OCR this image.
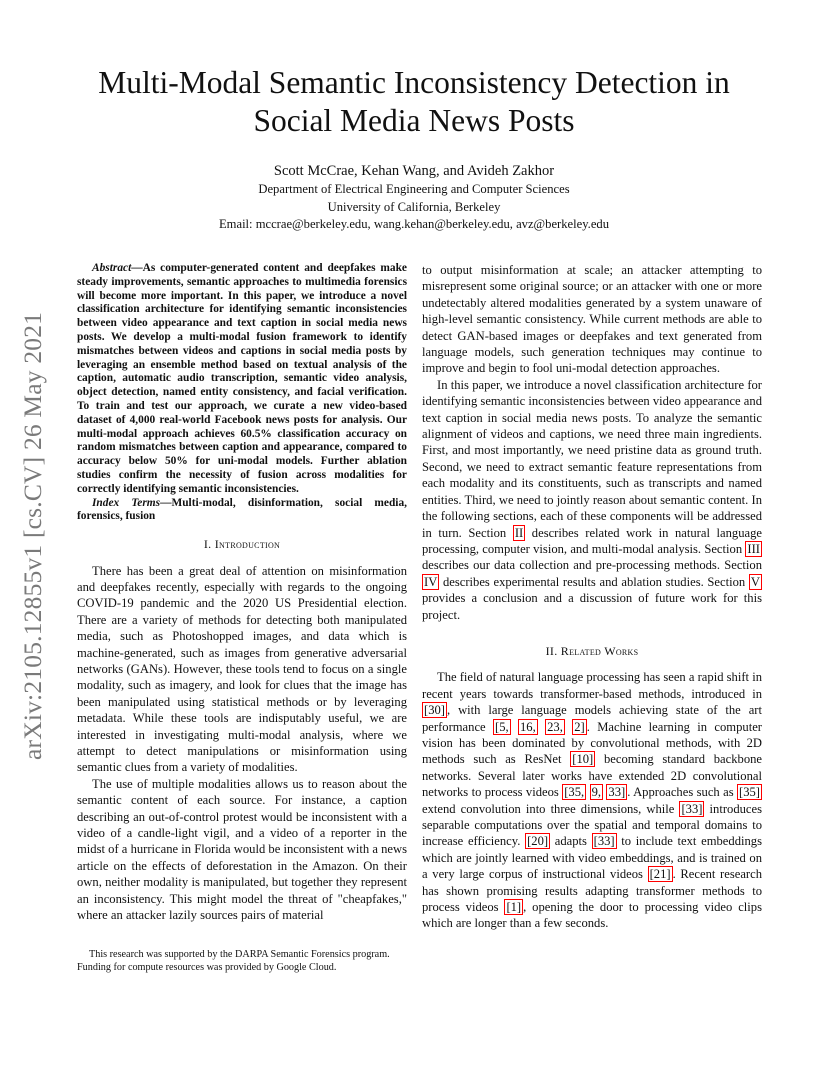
arXiv:2105.12855v1 [cs.CV] 26 May 2021
Multi-Modal Semantic Inconsistency Detection in Social Media News Posts
Scott McCrae, Kehan Wang, and Avideh Zakhor
Department of Electrical Engineering and Computer Sciences
University of California, Berkeley
Email: mccrae@berkeley.edu, wang.kehan@berkeley.edu, avz@berkeley.edu

Abstract—As computer-generated content and deepfakes make steady improvements, semantic approaches to multimedia forensics will become more important. In this paper, we introduce a novel classification architecture for identifying semantic inconsistencies between video appearance and text caption in social media news posts. We develop a multi-modal fusion framework to identify mismatches between videos and captions in social media posts by leveraging an ensemble method based on textual analysis of the caption, automatic audio transcription, semantic video analysis, object detection, named entity consistency, and facial verification. To train and test our approach, we curate a new video-based dataset of 4,000 real-world Facebook news posts for analysis. Our multi-modal approach achieves 60.5% classification accuracy on random mismatches between caption and appearance, compared to accuracy below 50% for uni-modal models. Further ablation studies confirm the necessity of fusion across modalities for correctly identifying semantic inconsistencies.

Index Terms—Multi-modal, disinformation, social media, forensics, fusion

I. Introduction

There has been a great deal of attention on misinformation and deepfakes recently, especially with regards to the ongoing COVID-19 pandemic and the 2020 US Presidential election. There are a variety of methods for detecting both manipulated media, such as Photoshopped images, and data which is machine-generated, such as images from generative adversarial networks (GANs). However, these tools tend to focus on a single modality, such as imagery, and look for clues that the image has been manipulated using statistical methods or by leveraging metadata. While these tools are indisputably useful, we are interested in investigating multi-modal analysis, where we attempt to detect manipulations or misinformation using semantic clues from a variety of modalities.

The use of multiple modalities allows us to reason about the semantic content of each source. For instance, a caption describing an out-of-control protest would be inconsistent with a video of a candle-light vigil, and a video of a reporter in the midst of a hurricane in Florida would be inconsistent with a news article on the effects of deforestation in the Amazon. On their own, neither modality is manipulated, but together they represent an inconsistency. This might model the threat of "cheapfakes," where an attacker lazily sources pairs of material

to output misinformation at scale; an attacker attempting to misrepresent some original source; or an attacker with one or more undetectably altered modalities generated by a system unaware of high-level semantic consistency. While current methods are able to detect GAN-based images or deepfakes and text generated from language models, such generation techniques may continue to improve and begin to fool uni-modal detection approaches.

In this paper, we introduce a novel classification architecture for identifying semantic inconsistencies between video appearance and text caption in social media news posts. To analyze the semantic alignment of videos and captions, we need three main ingredients. First, and most importantly, we need pristine data as ground truth. Second, we need to extract semantic feature representations from each modality and its constituents, such as transcripts and named entities. Third, we need to jointly reason about semantic content. In the following sections, each of these components will be addressed in turn. Section II describes related work in natural language processing, computer vision, and multi-modal analysis. Section III describes our data collection and pre-processing methods. Section IV describes experimental results and ablation studies. Section V provides a conclusion and a discussion of future work for this project.

II. Related Works

The field of natural language processing has seen a rapid shift in recent years towards transformer-based methods, introduced in [30] , with large language models achieving state of the art performance [5, 16, 23, 2] . Machine learning in computer vision has been dominated by convolutional methods, with 2D methods such as ResNet [10] becoming standard backbone networks. Several later works have extended 2D convolutional networks to process videos [35, 9, 33] . Approaches such as [35] extend convolution into three dimensions, while [33] introduces separable computations over the spatial and temporal domains to increase efficiency. [20] adapts [33] to include text embeddings which are jointly learned with video embeddings, and is trained on a very large corpus of instructional videos [21] . Recent research has shown promising results adapting transformer methods to process videos [1] , opening the door to processing video clips which are longer than a few seconds.

This research was supported by the DARPA Semantic Forensics program.

Funding for compute resources was provided by Google Cloud.
